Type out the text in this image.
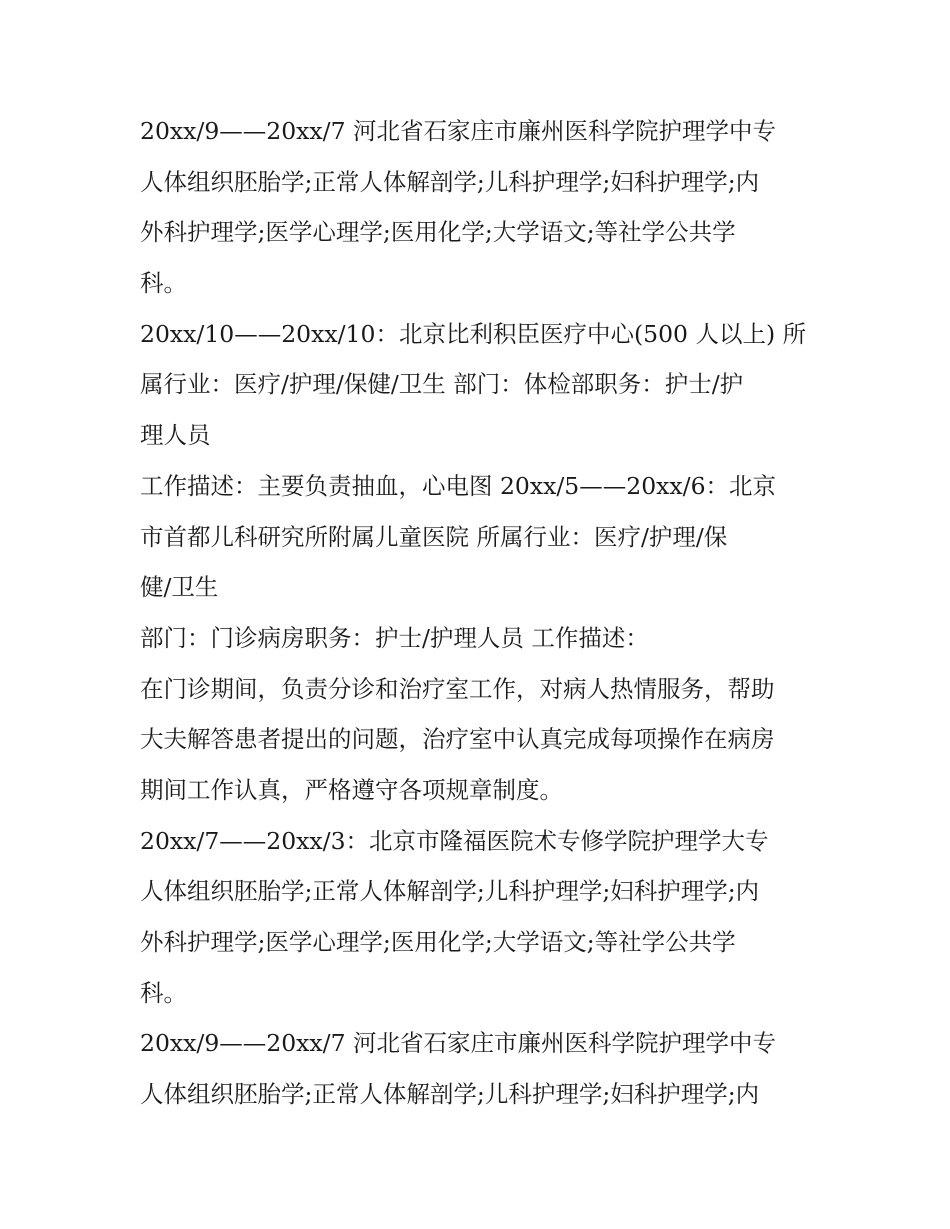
20xx/9——20xx/7 河北省石家庄市廉州医科学院护理学中专
人体组织胚胎学;正常人体解剖学;儿科护理学;妇科护理学;内
外科护理学;医学心理学;医用化学;大学语文;等社学公共学
科。
20xx/10——20xx/10：北京比利积臣医疗中心(500 人以上) 所
属行业：医疗/护理/保健/卫生 部门：体检部职务：护士/护
理人员
工作描述：主要负责抽血，心电图 20xx/5——20xx/6：北京
市首都儿科研究所附属儿童医院 所属行业：医疗/护理/保
健/卫生
部门：门诊病房职务：护士/护理人员 工作描述：
在门诊期间，负责分诊和治疗室工作，对病人热情服务，帮助
大夫解答患者提出的问题，治疗室中认真完成每项操作在病房
期间工作认真，严格遵守各项规章制度。
20xx/7——20xx/3：北京市隆福医院术专修学院护理学大专
人体组织胚胎学;正常人体解剖学;儿科护理学;妇科护理学;内
外科护理学;医学心理学;医用化学;大学语文;等社学公共学
科。
20xx/9——20xx/7 河北省石家庄市廉州医科学院护理学中专
人体组织胚胎学;正常人体解剖学;儿科护理学;妇科护理学;内
